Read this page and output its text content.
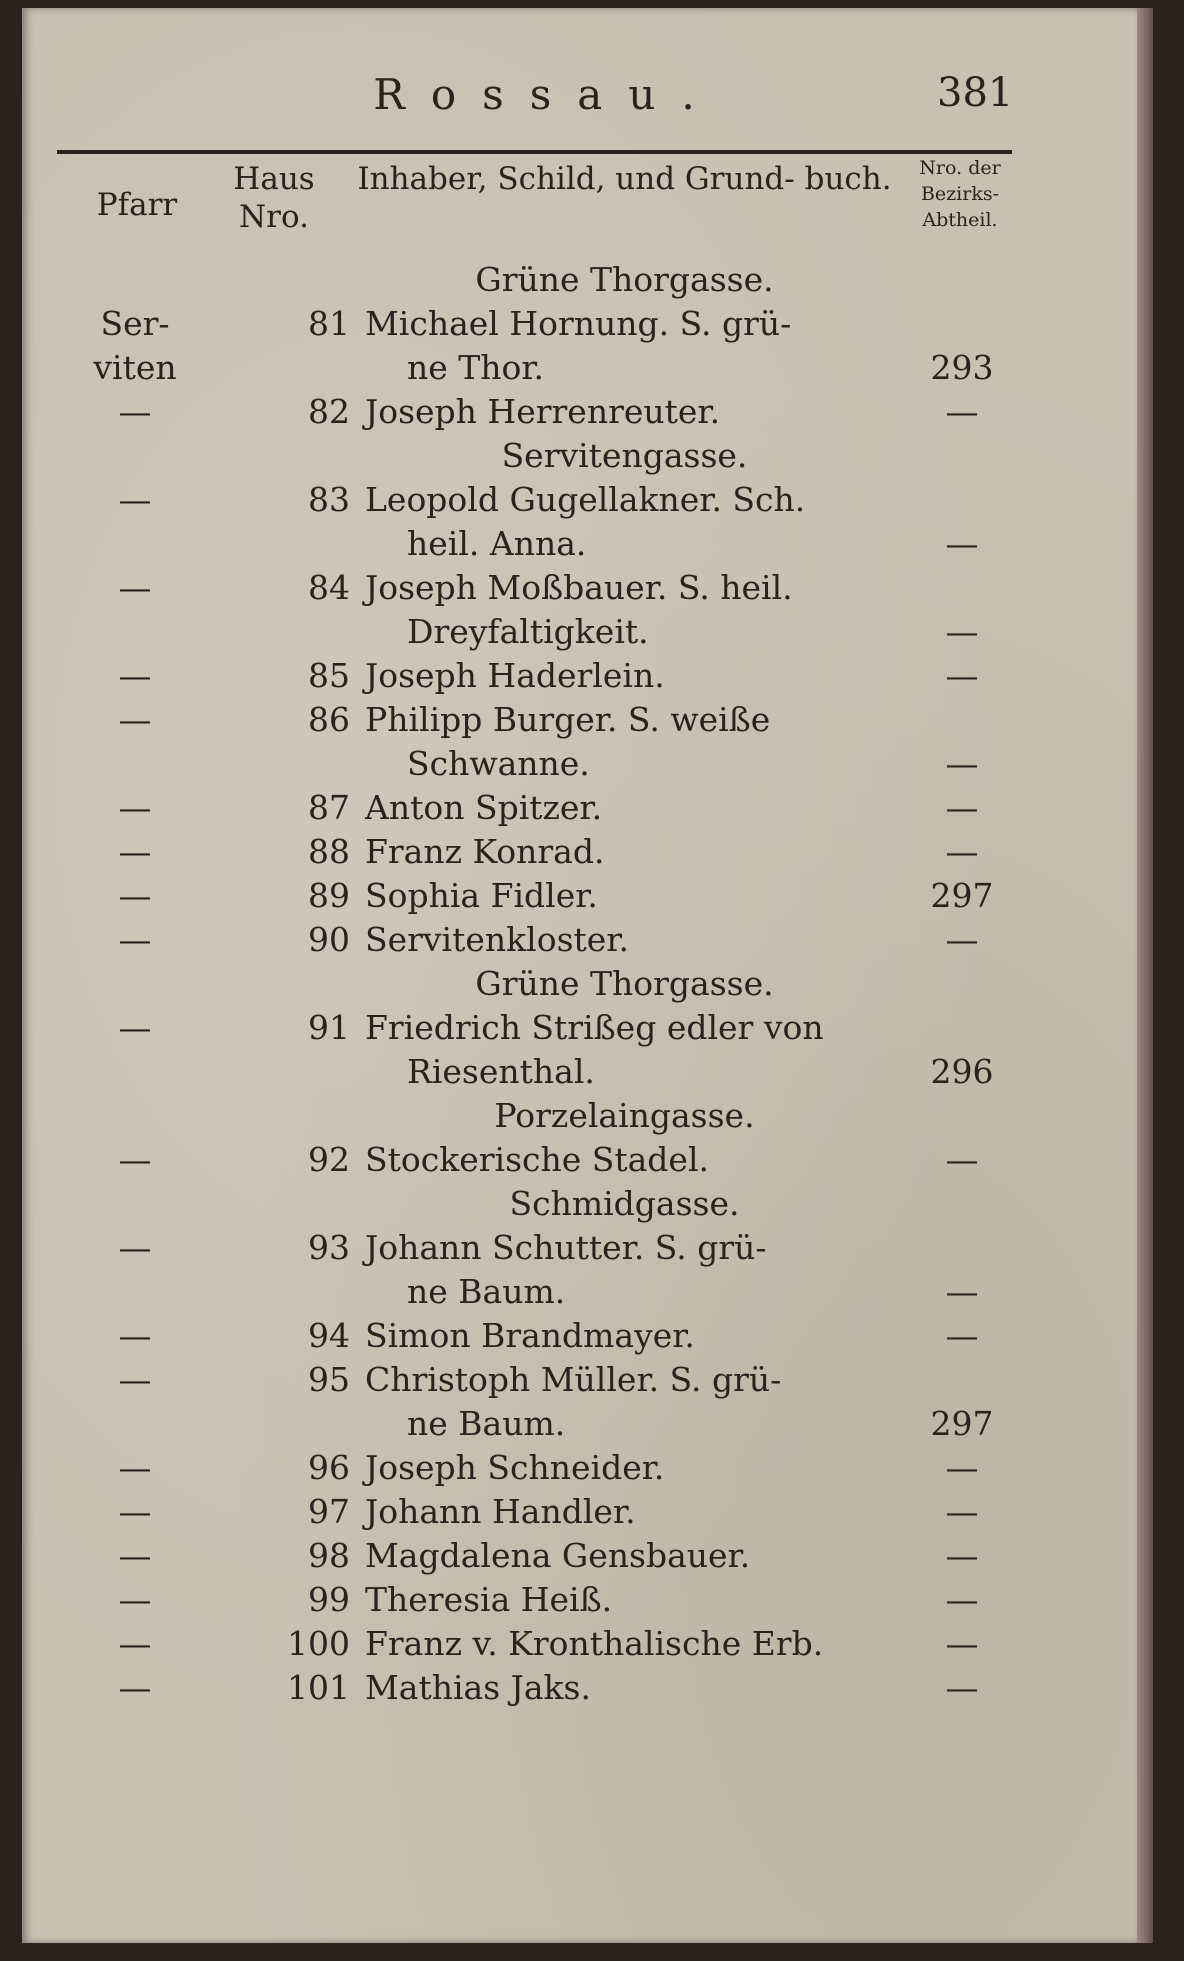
Rossau.	381
Pfarr
Haus Nro.
Inhaber, Schild, und Grund- buch.	Nro. der Bezirks- Abtheil.
Grüne Thorgasse.
Ser-	81 Michael Hornung. S. grü-
viten	ne Thor.	293
—	82 Joseph Herrenreuter.	—
Servitengasse.
—	83 Leopold Gugellakner. Sch.
heil. Anna.	—
—	84 Joseph Moßbauer. S. heil.
Dreyfaltigkeit.	—
—	85 Joseph Haderlein.	—
—	86 Philipp Burger. S. weiße
Schwanne.	—
—	87 Anton Spitzer.	—
—	88 Franz Konrad.	—
—	89 Sophia Fidler.	297
—	90 Servitenkloster.	—
Grüne Thorgasse.
—	91 Friedrich Strißeg edler von
Riesenthal.	296
Porzelaingasse.
—	92 Stockerische Stadel.	—
Schmidgasse.
—	93 Johann Schutter. S. grü-
ne Baum.	—
—	94 Simon Brandmayer.	—
—	95 Christoph Müller. S. grü-
ne Baum.	297
—	96 Joseph Schneider.	—
—	97 Johann Handler.	—
—	98 Magdalena Gensbauer.	—
—	99 Theresia Heiß.	—
—	100 Franz v. Kronthalische Erb.	—
—	101 Mathias Jaks.	—
